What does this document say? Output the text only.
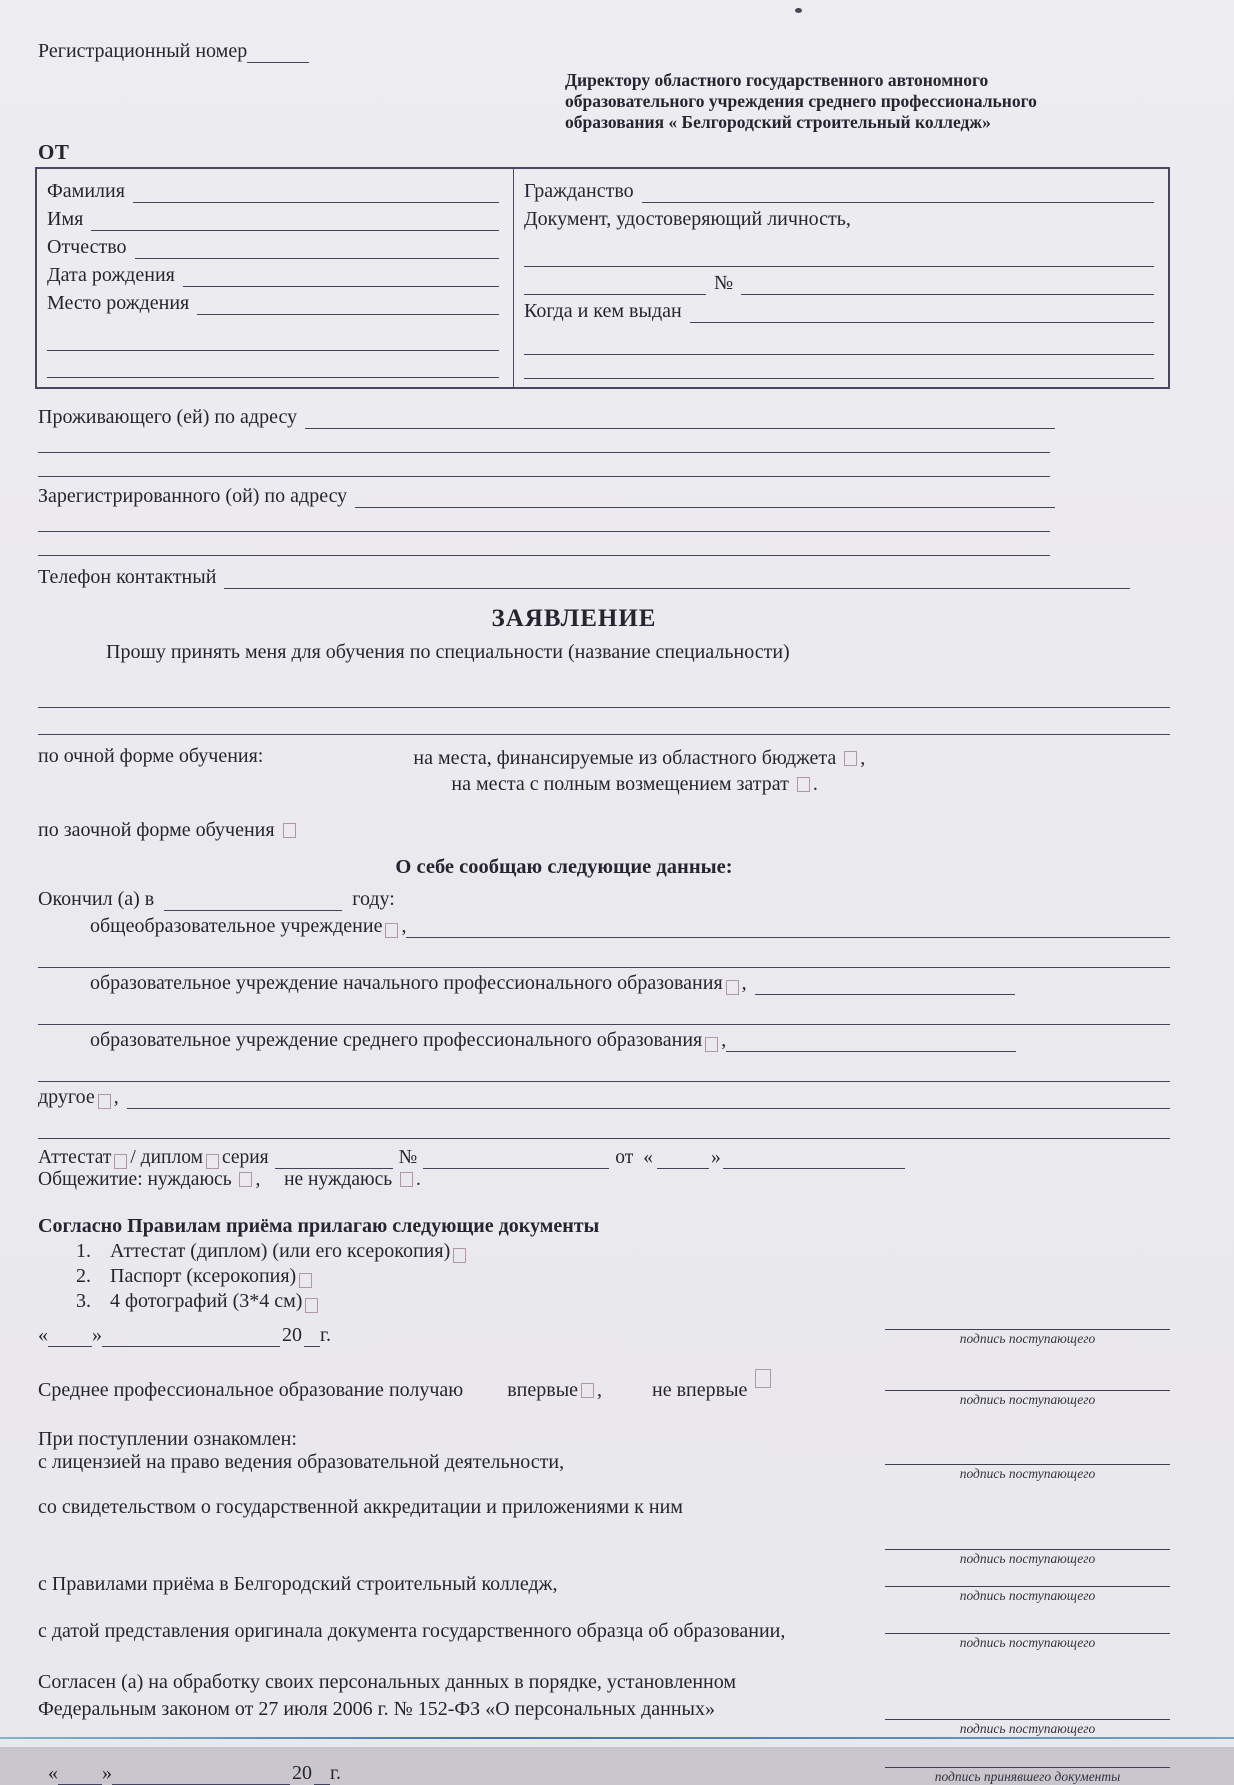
Регистрационный номер
Директору областного государственного автономного
образовательного учреждения среднего профессионального
образования « Белгородский строительный колледж»
ОТ
Фамилия
Имя
Отчество
Дата рождения
Место рождения
Гражданство
Документ, удостоверяющий личность,
№
Когда и кем выдан
Проживающего (ей) по адресу
Зарегистрированного (ой) по адресу
Телефон контактный
ЗАЯВЛЕНИЕ
Прошу принять меня для обучения по специальности (название специальности)
по очной форме обучения:	на места, финансируемые из областного бюджета ,
на места с полным возмещением затрат .
по заочной форме обучения
О себе сообщаю следующие данные:
Окончил (а) в	году:
общеобразовательное учреждение ,
образовательное учреждение начального профессионального образования ,
образовательное учреждение среднего профессионального образования ,
другое ,
Аттестат / диплом серия	№	от «	»
Общежитие: нуждаюсь , не нуждаюсь .
Согласно Правилам приёма прилагаю следующие документы
1. Аттестат (диплом) (или его ксерокопия)
2. Паспорт (ксерокопия)
3. 4 фотографий (3*4 см)
« »	20 г.	подпись поступающего
Среднее профессиональное образование получаю впервые ,	не впервые	подпись поступающего
При поступлении ознакомлен:
с лицензией на право ведения образовательной деятельности,
подпись поступающего
со свидетельством о государственной аккредитации и приложениями к ним
подпись поступающего
с Правилами приёма в Белгородский строительный колледж,
подпись поступающего
с датой представления оригинала документа государственного образца об образовании,
подпись поступающего
Согласен (а) на обработку своих персональных данных в порядке, установленном
Федеральным законом от 27 июля 2006 г. № 152-ФЗ «О персональных данных»
подпись поступающего
« »	20 г.	подпись принявшего документы
